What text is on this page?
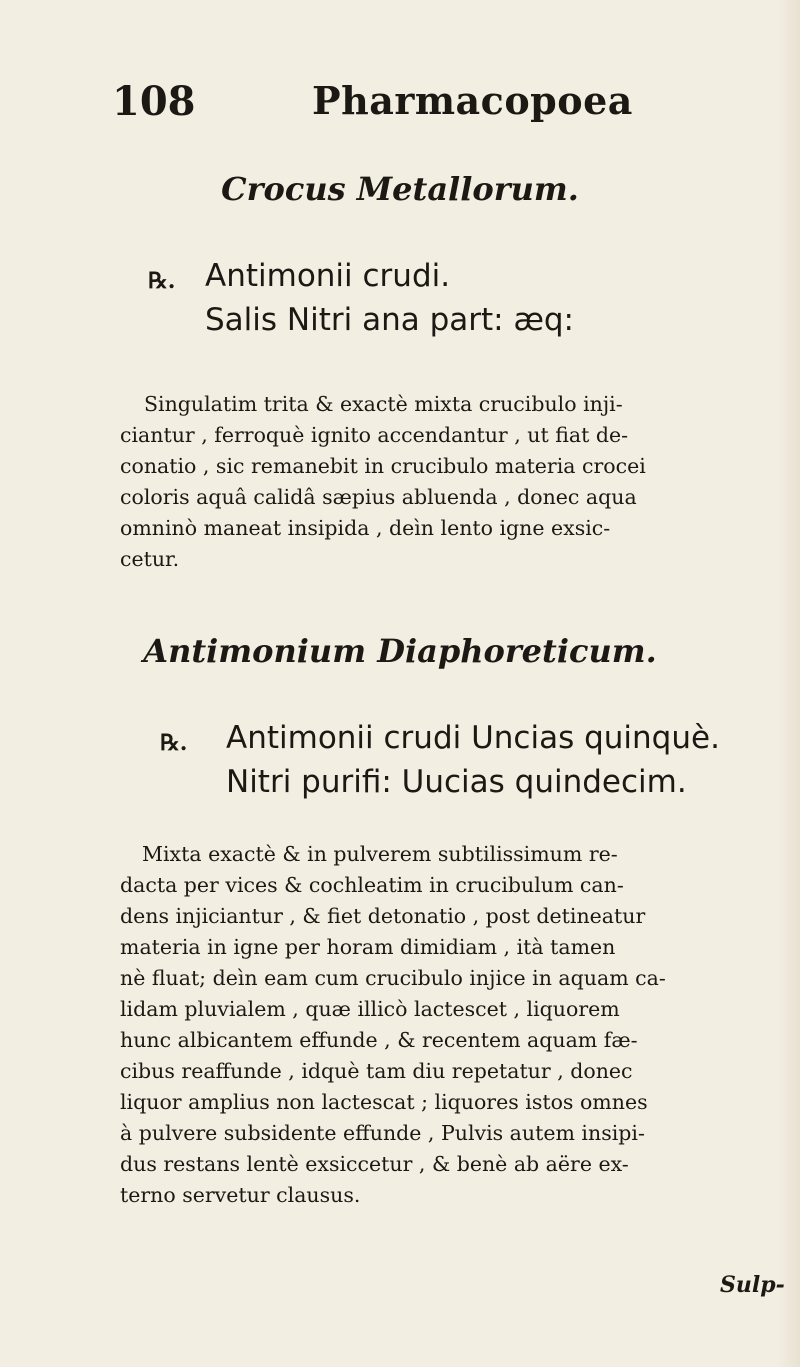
108	Pharmacopoea
Crocus Metallorum.
℞. Antimonii crudi.
Salis Nitri ana part: æq:
Singulatim trita & exactè mixta crucibulo inji-
ciantur , ferroquè ignito accendantur , ut fiat de-
conatio , sic remanebit in crucibulo materia crocei
coloris aquâ calidâ sæpius abluenda , donec aqua
omninò maneat insipida , deìn lento igne exsic-
cetur.
Antimonium Diaphoreticum.
℞. Antimonii crudi Uncias quinquè.
Nitri purifi: Uucias quindecim.
Mixta exactè & in pulverem subtilissimum re-
dacta per vices & cochleatim in crucibulum can-
dens injiciantur , & fiet detonatio , post detineatur
materia in igne per horam dimidiam , ità tamen
nè fluat; deìn eam cum crucibulo injice in aquam ca-
lidam pluvialem , quæ illicò lactescet , liquorem
hunc albicantem effunde , & recentem aquam fæ-
cibus reaffunde , idquè tam diu repetatur , donec
liquor amplius non lactescat ; liquores istos omnes
à pulvere subsidente effunde , Pulvis autem insipi-
dus restans lentè exsiccetur , & benè ab aëre ex-
terno servetur clausus.
Sulp-
